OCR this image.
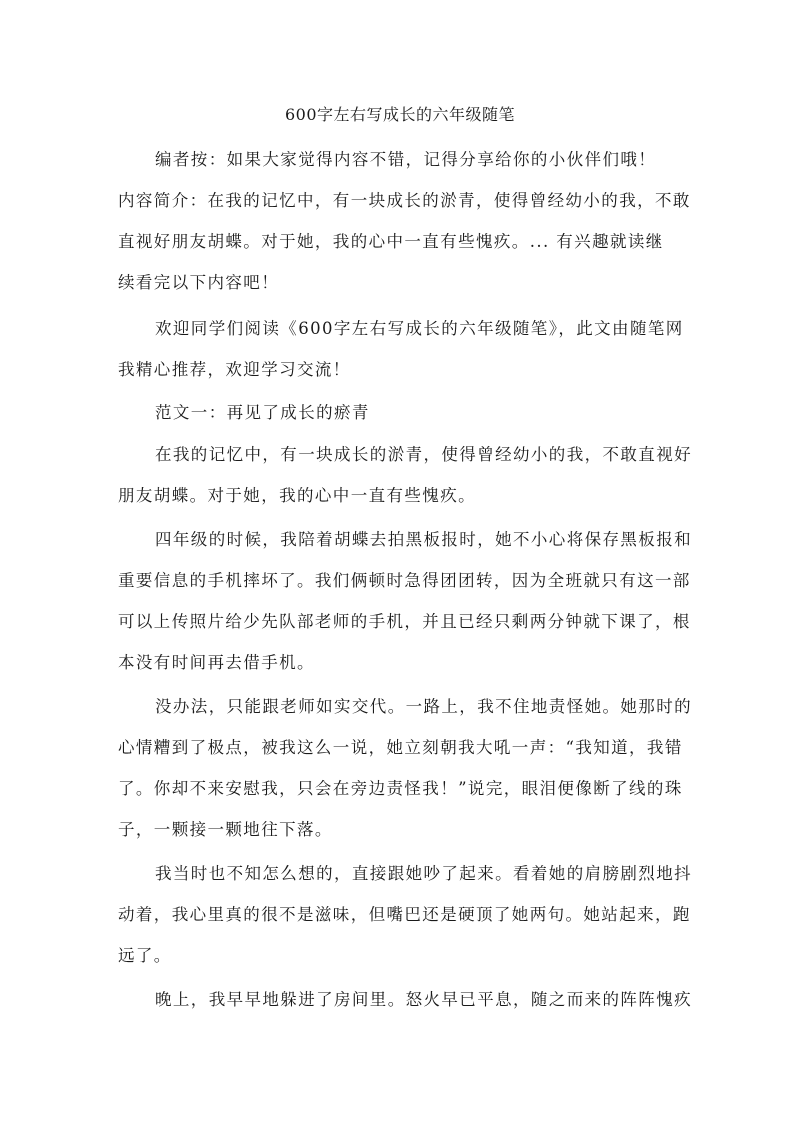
600字左右写成长的六年级随笔
编者按：如果大家觉得内容不错，记得分享给你的小伙伴们哦！
内容简介：在我的记忆中，有一块成长的淤青，使得曾经幼小的我，不敢
直视好朋友胡蝶。对于她，我的心中一直有些愧疚。... 有兴趣就读继
续看完以下内容吧！
欢迎同学们阅读《600字左右写成长的六年级随笔》，此文由随笔网
我精心推荐，欢迎学习交流！
范文一：再见了成长的瘀青
在我的记忆中，有一块成长的淤青，使得曾经幼小的我，不敢直视好
朋友胡蝶。对于她，我的心中一直有些愧疚。
四年级的时候，我陪着胡蝶去拍黑板报时，她不小心将保存黑板报和
重要信息的手机摔坏了。我们俩顿时急得团团转，因为全班就只有这一部
可以上传照片给少先队部老师的手机，并且已经只剩两分钟就下课了，根
本没有时间再去借手机。
没办法，只能跟老师如实交代。一路上，我不住地责怪她。她那时的
心情糟到了极点，被我这么一说，她立刻朝我大吼一声：“我知道，我错
了。你却不来安慰我，只会在旁边责怪我！”说完，眼泪便像断了线的珠
子，一颗接一颗地往下落。
我当时也不知怎么想的，直接跟她吵了起来。看着她的肩膀剧烈地抖
动着，我心里真的很不是滋味，但嘴巴还是硬顶了她两句。她站起来，跑
远了。
晚上，我早早地躲进了房间里。怒火早已平息，随之而来的阵阵愧疚
